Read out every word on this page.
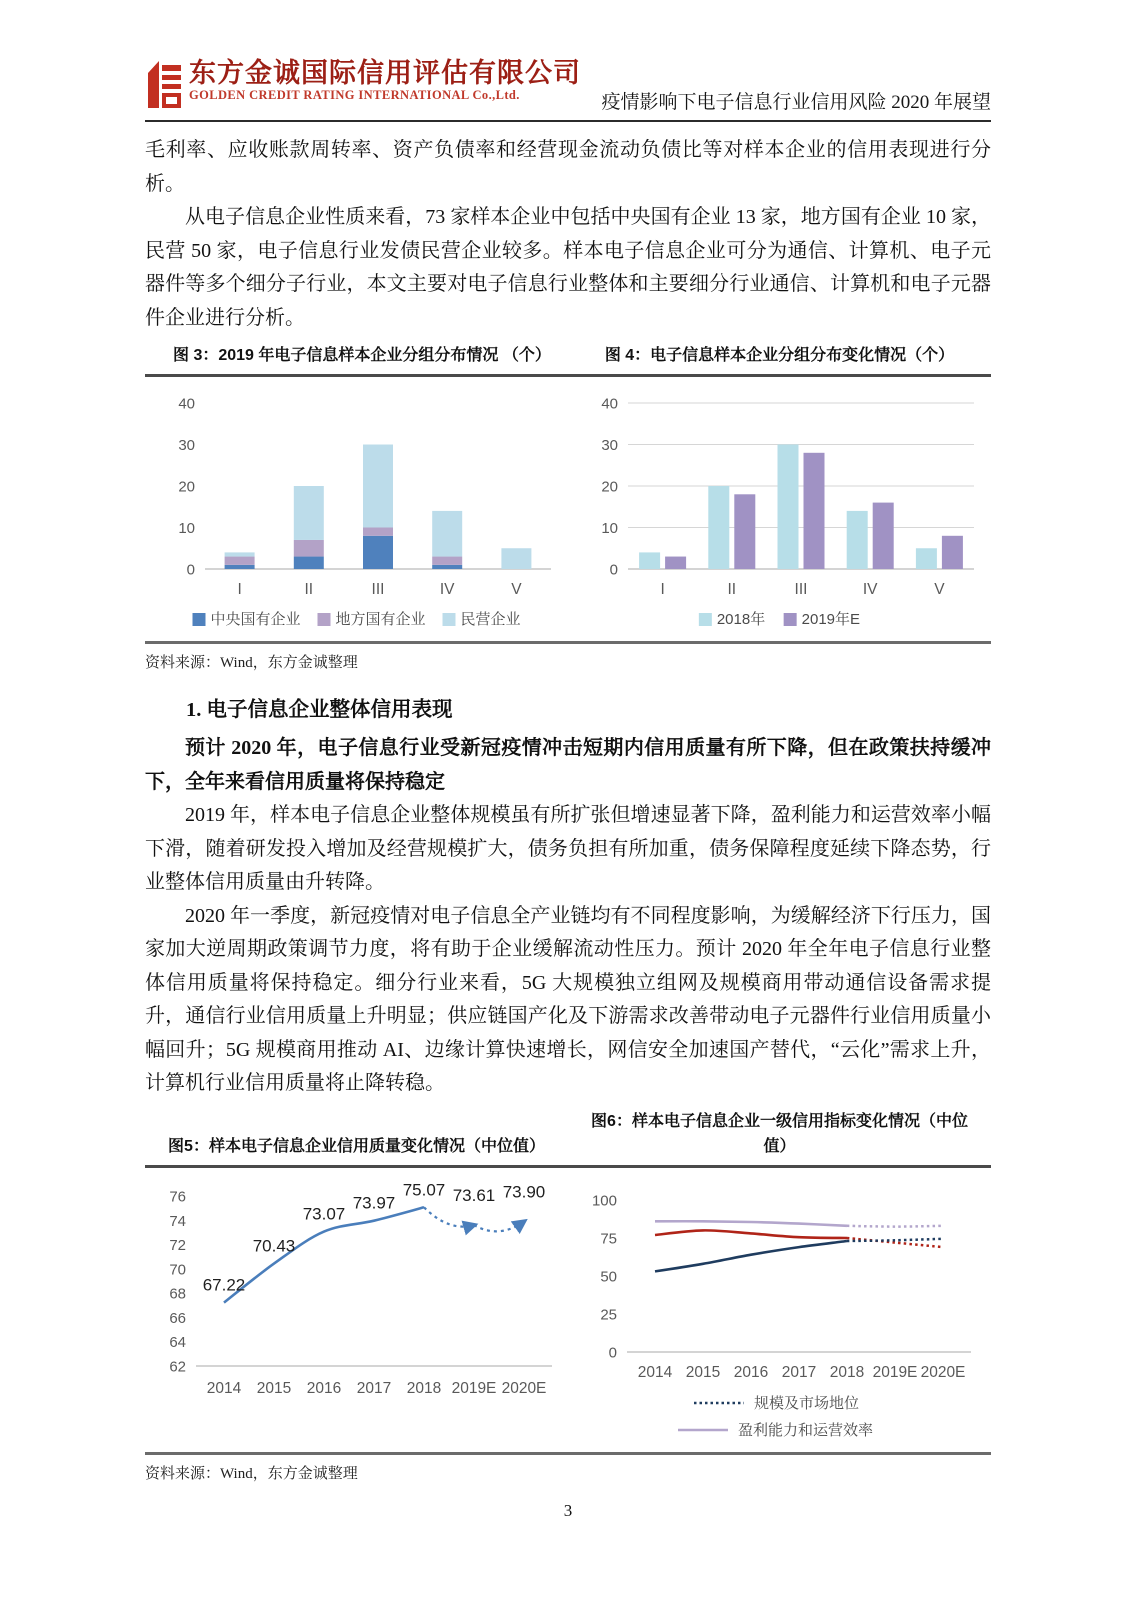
东方金诚国际信用评估有限公司
GOLDEN CREDIT RATING INTERNATIONAL Co.,Ltd.	疫情影响下电子信息行业信用风险 2020 年展望

毛利率、应收账款周转率、资产负债率和经营现金流动负债比等对样本企业的信用表现进行分析。

从电子信息企业性质来看，73 家样本企业中包括中央国有企业 13 家，地方国有企业 10 家，民营 50 家，电子信息行业发债民营企业较多。样本电子信息企业可分为通信、计算机、电子元器件等多个细分子行业，本文主要对电子信息行业整体和主要细分行业通信、计算机和电子元器件企业进行分析。

图 3：2019 年电子信息样本企业分组分布情况 （个）	图 4：电子信息样本企业分组分布变化情况（个）
0
10
20
30
40
I	II	III	IV	V
中央国有企业 地方国有企业 民营企业
0
10
20
30
40
I	II	III	IV	V
2018年 2019年E
资料来源：Wind，东方金诚整理
1. 电子信息企业整体信用表现

预计 2020 年，电子信息行业受新冠疫情冲击短期内信用质量有所下降，但在政策扶持缓冲下，全年来看信用质量将保持稳定

2019 年，样本电子信息企业整体规模虽有所扩张但增速显著下降，盈利能力和运营效率小幅下滑，随着研发投入增加及经营规模扩大，债务负担有所加重，债务保障程度延续下降态势，行业整体信用质量由升转降。

2020 年一季度，新冠疫情对电子信息全产业链均有不同程度影响，为缓解经济下行压力，国家加大逆周期政策调节力度，将有助于企业缓解流动性压力。预计 2020 年全年电子信息行业整体信用质量将保持稳定。细分行业来看，5G 大规模独立组网及规模商用带动通信设备需求提升，通信行业信用质量上升明显；供应链国产化及下游需求改善带动电子元器件行业信用质量小幅回升；5G 规模商用推动 AI、边缘计算快速增长，网信安全加速国产替代，“云化”需求上升，计算机行业信用质量将止降转稳。

图5：样本电子信息企业信用质量变化情况（中位值）
图6：样本电子信息企业一级信用指标变化情况（中位值）
62
64
66
68
70
72
74
76
2014 2015 2016 2017 2018 2019E 2020E
67.22
70.43
73.07
73.97
75.07 73.61 73.90
0
25
50
75
100
2014 2015 2016 2017 2018 2019E 2020E
规模及市场地位
盈利能力和运营效率
资料来源：Wind，东方金诚整理
3
